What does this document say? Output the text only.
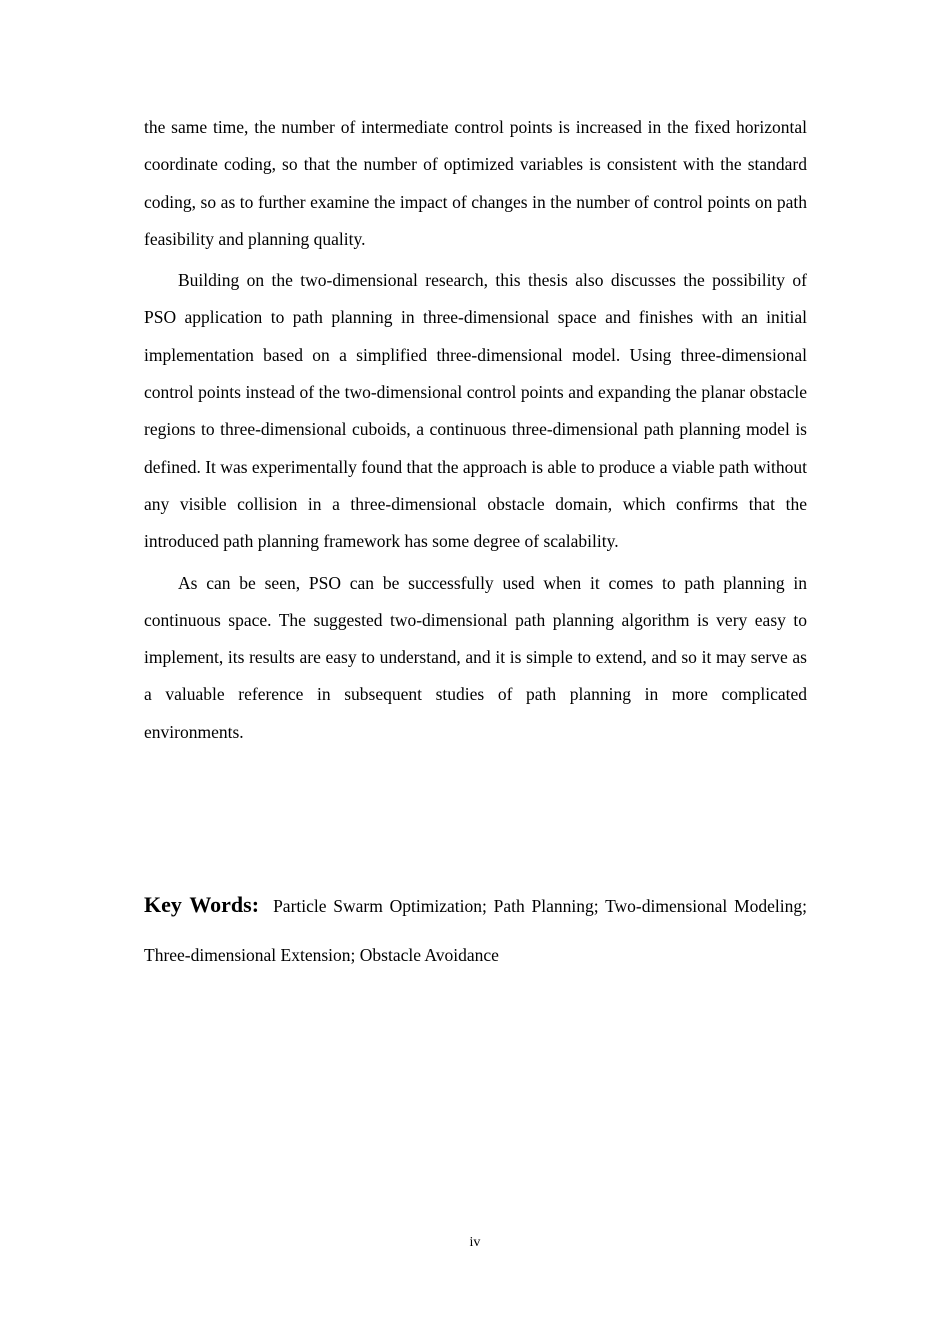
the same time, the number of intermediate control points is increased in the fixed horizontal coordinate coding, so that the number of optimized variables is consistent with the standard coding, so as to further examine the impact of changes in the number of control points on path feasibility and planning quality.

Building on the two-dimensional research, this thesis also discusses the possibility of PSO application to path planning in three-dimensional space and finishes with an initial implementation based on a simplified three-dimensional model. Using three-dimensional control points instead of the two-dimensional control points and expanding the planar obstacle regions to three-dimensional cuboids, a continuous three-dimensional path planning model is defined. It was experimentally found that the approach is able to produce a viable path without any visible collision in a three-dimensional obstacle domain, which confirms that the introduced path planning framework has some degree of scalability.

As can be seen, PSO can be successfully used when it comes to path planning in continuous space. The suggested two-dimensional path planning algorithm is very easy to implement, its results are easy to understand, and it is simple to extend, and so it may serve as a valuable reference in subsequent studies of path planning in more complicated environments.

Key Words: Particle Swarm Optimization; Path Planning; Two-dimensional Modeling; Three-dimensional Extension; Obstacle Avoidance

iv
